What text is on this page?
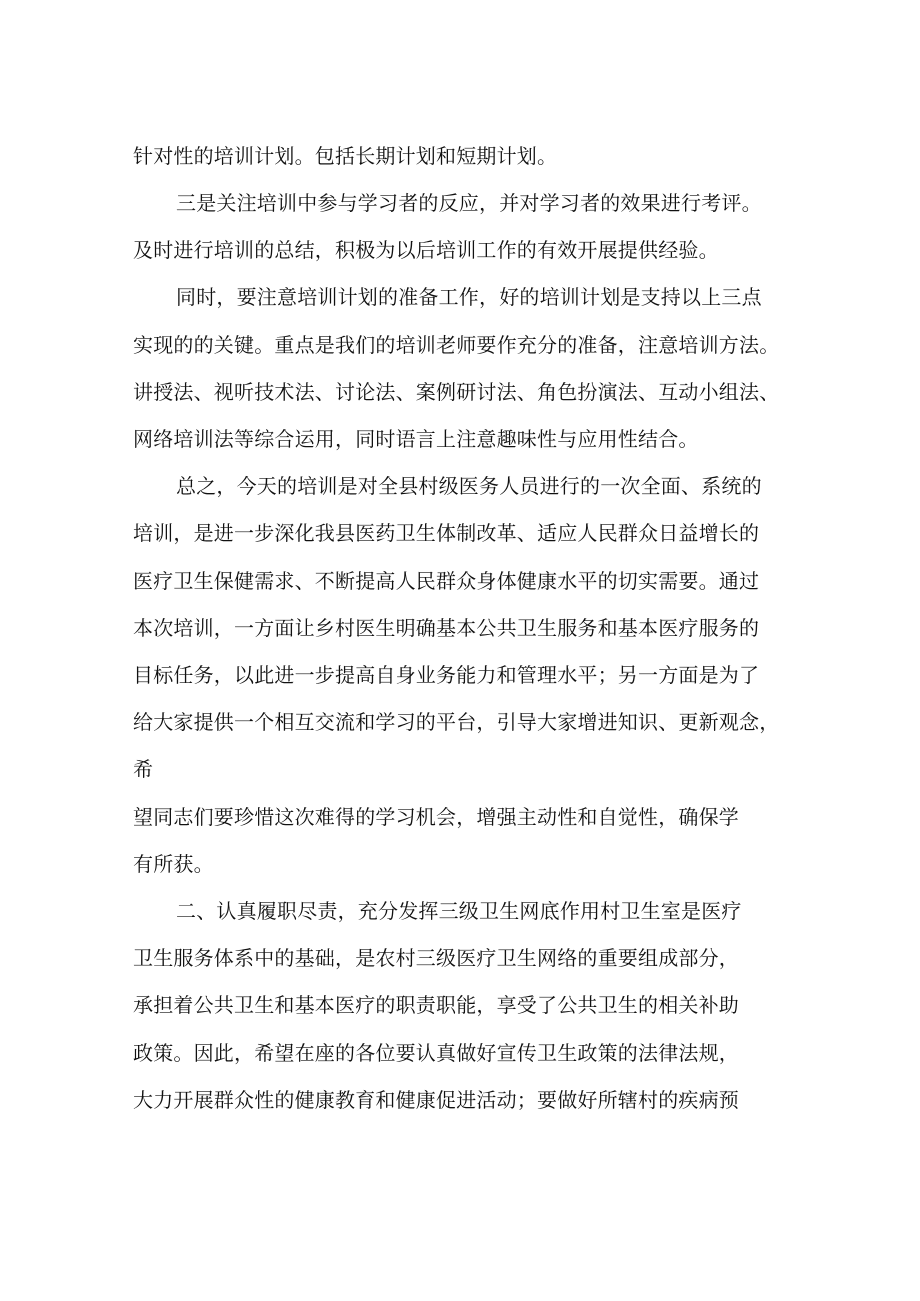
针对性的培训计划。包括长期计划和短期计划。
三是关注培训中参与学习者的反应，并对学习者的效果进行考评。
及时进行培训的总结，积极为以后培训工作的有效开展提供经验。
同时，要注意培训计划的准备工作，好的培训计划是支持以上三点
实现的的关键。重点是我们的培训老师要作充分的准备，注意培训方法。
讲授法、视听技术法、讨论法、案例研讨法、角色扮演法、互动小组法、
网络培训法等综合运用，同时语言上注意趣味性与应用性结合。
总之，今天的培训是对全县村级医务人员进行的一次全面、系统的
培训，是进一步深化我县医药卫生体制改革、适应人民群众日益增长的
医疗卫生保健需求、不断提高人民群众身体健康水平的切实需要。通过
本次培训，一方面让乡村医生明确基本公共卫生服务和基本医疗服务的
目标任务，以此进一步提高自身业务能力和管理水平；另一方面是为了
给大家提供一个相互交流和学习的平台，引导大家增进知识、更新观念，
希
望同志们要珍惜这次难得的学习机会，增强主动性和自觉性，确保学
有所获。
二、认真履职尽责，充分发挥三级卫生网底作用村卫生室是医疗
卫生服务体系中的基础，是农村三级医疗卫生网络的重要组成部分，
承担着公共卫生和基本医疗的职责职能，享受了公共卫生的相关补助
政策。因此，希望在座的各位要认真做好宣传卫生政策的法律法规，
大力开展群众性的健康教育和健康促进活动；要做好所辖村的疾病预
